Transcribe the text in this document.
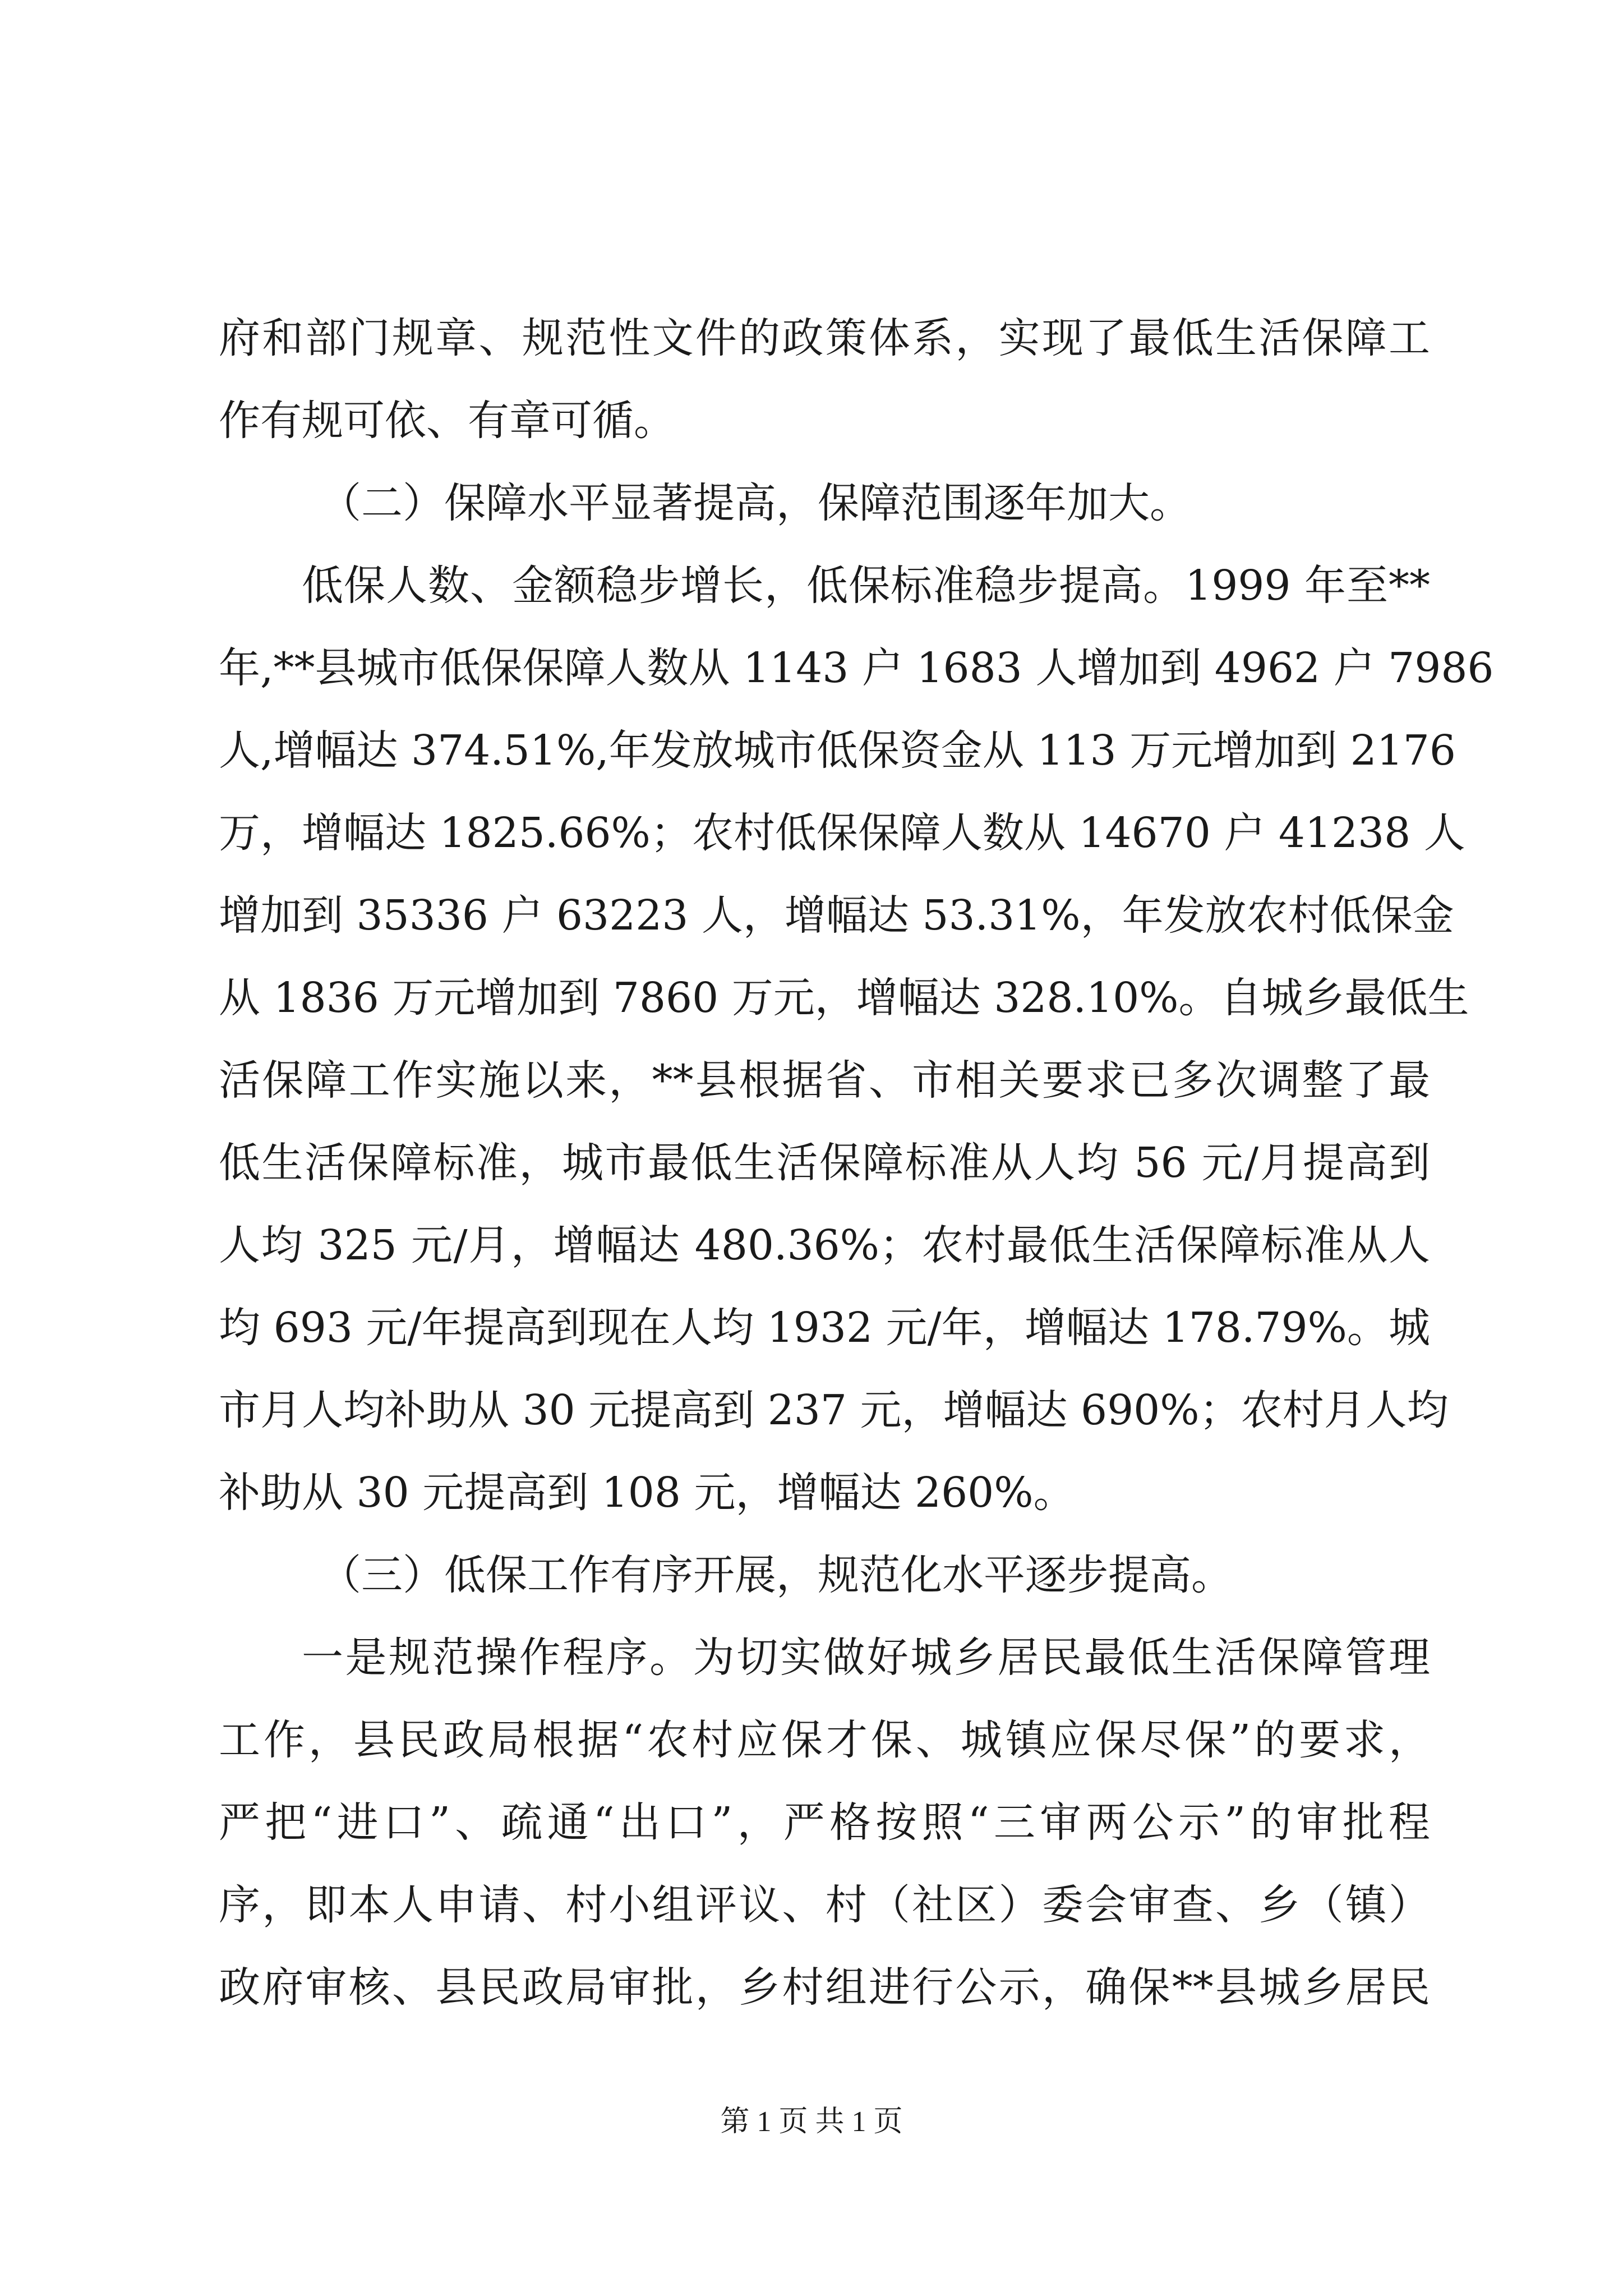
府和部门规章、规范性文件的政策体系，实现了最低生活保障工
作有规可依、有章可循。
（二）保障水平显著提高，保障范围逐年加大。
低保人数、金额稳步增长，低保标准稳步提高。1999 年至**
年,**县城市低保保障人数从 1143 户 1683 人增加到 4962 户 7986
人,增幅达 374.51%,年发放城市低保资金从 113 万元增加到 2176
万，增幅达 1825.66%；农村低保保障人数从 14670 户 41238 人
增加到 35336 户 63223 人，增幅达 53.31%，年发放农村低保金
从 1836 万元增加到 7860 万元，增幅达 328.10%。自城乡最低生
活保障工作实施以来，**县根据省、市相关要求已多次调整了最
低生活保障标准，城市最低生活保障标准从人均 56 元/月提高到
人均 325 元/月，增幅达 480.36%；农村最低生活保障标准从人
均 693 元/年提高到现在人均 1932 元/年，增幅达 178.79%。城
市月人均补助从 30 元提高到 237 元，增幅达 690%；农村月人均
补助从 30 元提高到 108 元，增幅达 260%。
（三）低保工作有序开展，规范化水平逐步提高。
一是规范操作程序。为切实做好城乡居民最低生活保障管理
工作，县民政局根据“农村应保才保、城镇应保尽保”的要求，
严把“进口”、疏通“出口”，严格按照“三审两公示”的审批程
序，即本人申请、村小组评议、村（社区）委会审查、乡（镇）
政府审核、县民政局审批，乡村组进行公示，确保**县城乡居民
第 1 页 共 1 页
